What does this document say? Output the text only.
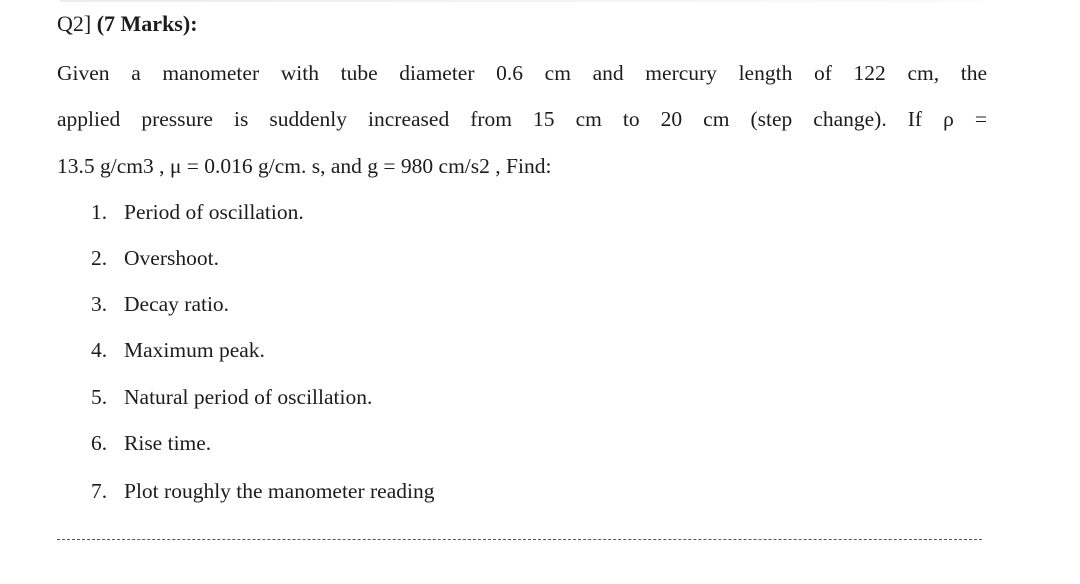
Q2] (7 Marks):
Given a manometer with tube diameter 0.6 cm and mercury length of 122 cm, the
applied pressure is suddenly increased from 15 cm to 20 cm (step change). If ρ =
13.5 g/cm3 , μ = 0.016 g/cm. s, and g = 980 cm/s2 , Find:
1. Period of oscillation.
2. Overshoot.
3. Decay ratio.
4. Maximum peak.
5. Natural period of oscillation.
6. Rise time.
7. Plot roughly the manometer reading
